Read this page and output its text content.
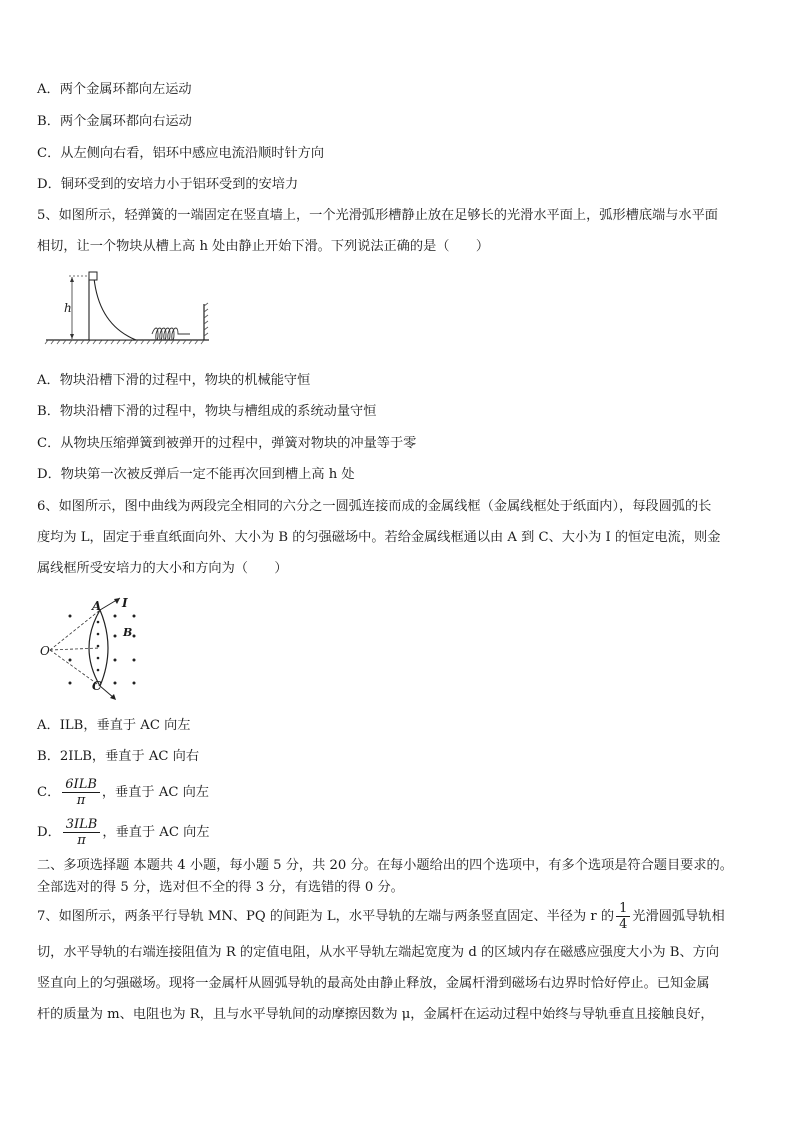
A．两个金属环都向左运动
B．两个金属环都向右运动
C．从左侧向右看，铝环中感应电流沿顺时针方向
D．铜环受到的安培力小于铝环受到的安培力
5、如图所示，轻弹簧的一端固定在竖直墙上，一个光滑弧形槽静止放在足够长的光滑水平面上，弧形槽底端与水平面
相切，让一个物块从槽上高 h 处由静止开始下滑。下列说法正确的是（　　）
h
A．物块沿槽下滑的过程中，物块的机械能守恒
B．物块沿槽下滑的过程中，物块与槽组成的系统动量守恒
C．从物块压缩弹簧到被弹开的过程中，弹簧对物块的冲量等于零
D．物块第一次被反弹后一定不能再次回到槽上高 h 处
6、如图所示，图中曲线为两段完全相同的六分之一圆弧连接而成的金属线框（金属线框处于纸面内），每段圆弧的长
度均为 L，固定于垂直纸面向外、大小为 B 的匀强磁场中。若给金属线框通以由 A 到 C、大小为 I 的恒定电流，则金
属线框所受安培力的大小和方向为（　　）
O
A
B
C
I
A．ILB，垂直于 AC 向左
B．2ILB，垂直于 AC 向右
C． $\frac{\text{6ILB}}{\pi}$ ，垂直于 AC 向左
D． $\frac{\text{3ILB}}{\pi}$ ，垂直于 AC 向左
二、多项选择题 本题共 4 小题，每小题 5 分，共 20 分。在每小题给出的四个选项中，有多个选项是符合题目要求的。
全部选对的得 5 分，选对但不全的得 3 分，有选错的得 0 分。
7、如图所示，两条平行导轨 MN、PQ 的间距为 L，水平导轨的左端与两条竖直固定、半径为 r 的 $\frac{1}{4}$ 光滑圆弧导轨相
切，水平导轨的右端连接阻值为 R 的定值电阻，从水平导轨左端起宽度为 d 的区域内存在磁感应强度大小为 B、方向
竖直向上的匀强磁场。现将一金属杆从圆弧导轨的最高处由静止释放，金属杆滑到磁场右边界时恰好停止。已知金属
杆的质量为 m、电阻也为 R，且与水平导轨间的动摩擦因数为 μ，金属杆在运动过程中始终与导轨垂直且接触良好，
